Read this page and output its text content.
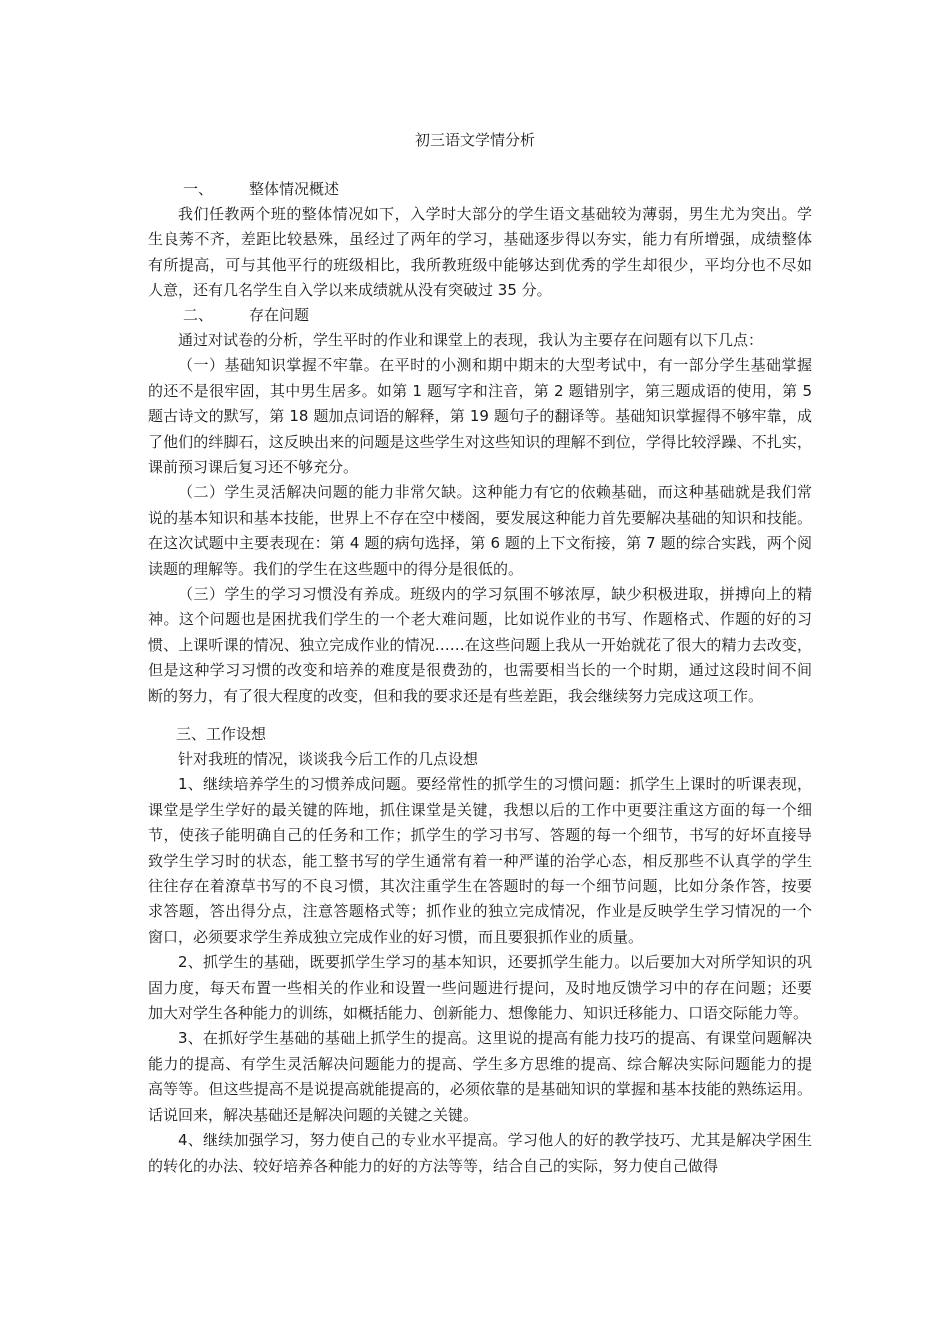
初三语文学情分析
一、 整体情况概述

我们任教两个班的整体情况如下，入学时大部分的学生语文基础较为薄弱，男生尤为突出。学 生良莠不齐，差距比较悬殊，虽经过了两年的学习，基础逐步得以夯实，能力有所增强，成绩整体 有所提高，可与其他平行的班级相比，我所教班级中能够达到优秀的学生却很少，平均分也不尽如 人意，还有几名学生自入学以来成绩就从没有突破过 35 分。

二、 存在问题

通过对试卷的分析，学生平时的作业和课堂上的表现，我认为主要存在问题有以下几点：

（一）基础知识掌握不牢靠。在平时的小测和期中期末的大型考试中，有一部分学生基础掌握 的还不是很牢固，其中男生居多。如第 1 题写字和注音，第 2 题错别字，第三题成语的使用，第 5 题古诗文的默写，第 18 题加点词语的解释，第 19 题句子的翻译等。基础知识掌握得不够牢靠，成 了他们的绊脚石，这反映出来的问题是这些学生对这些知识的理解不到位，学得比较浮躁、不扎实， 课前预习课后复习还不够充分。

（二）学生灵活解决问题的能力非常欠缺。这种能力有它的依赖基础，而这种基础就是我们常 说的基本知识和基本技能，世界上不存在空中楼阁，要发展这种能力首先要解决基础的知识和技能。 在这次试题中主要表现在：第 4 题的病句选择，第 6 题的上下文衔接，第 7 题的综合实践，两个阅 读题的理解等。我们的学生在这些题中的得分是很低的。

（三）学生的学习习惯没有养成。班级内的学习氛围不够浓厚，缺少积极进取，拼搏向上的精 神。这个问题也是困扰我们学生的一个老大难问题，比如说作业的书写、作题格式、作题的好的习 惯、上课听课的情况、独立完成作业的情况……在这些问题上我从一开始就花了很大的精力去改变， 但是这种学习习惯的改变和培养的难度是很费劲的，也需要相当长的一个时期，通过这段时间不间 断的努力，有了很大程度的改变，但和我的要求还是有些差距，我会继续努力完成这项工作。

三、工作设想

针对我班的情况，谈谈我今后工作的几点设想

1、继续培养学生的习惯养成问题。要经常性的抓学生的习惯问题：抓学生上课时的听课表现， 课堂是学生学好的最关键的阵地，抓住课堂是关键，我想以后的工作中更要注重这方面的每一个细 节，使孩子能明确自己的任务和工作；抓学生的学习书写、答题的每一个细节，书写的好坏直接导 致学生学习时的状态，能工整书写的学生通常有着一种严谨的治学心态，相反那些不认真学的学生 往往存在着潦草书写的不良习惯，其次注重学生在答题时的每一个细节问题，比如分条作答，按要 求答题，答出得分点，注意答题格式等；抓作业的独立完成情况，作业是反映学生学习情况的一个 窗口，必须要求学生养成独立完成作业的好习惯，而且要狠抓作业的质量。

2、抓学生的基础，既要抓学生学习的基本知识，还要抓学生能力。以后要加大对所学知识的巩 固力度，每天布置一些相关的作业和设置一些问题进行提问，及时地反馈学习中的存在问题；还要 加大对学生各种能力的训练，如概括能力、创新能力、想像能力、知识迁移能力、口语交际能力等。

3、在抓好学生基础的基础上抓学生的提高。这里说的提高有能力技巧的提高、有课堂问题解决 能力的提高、有学生灵活解决问题能力的提高、学生多方思维的提高、综合解决实际问题能力的提 高等等。但这些提高不是说提高就能提高的，必须依靠的是基础知识的掌握和基本技能的熟练运用。 话说回来，解决基础还是解决问题的关键之关键。

4、继续加强学习，努力使自己的专业水平提高。学习他人的好的教学技巧、尤其是解决学困生 的转化的办法、较好培养各种能力的好的方法等等，结合自己的实际，努力使自己做得
